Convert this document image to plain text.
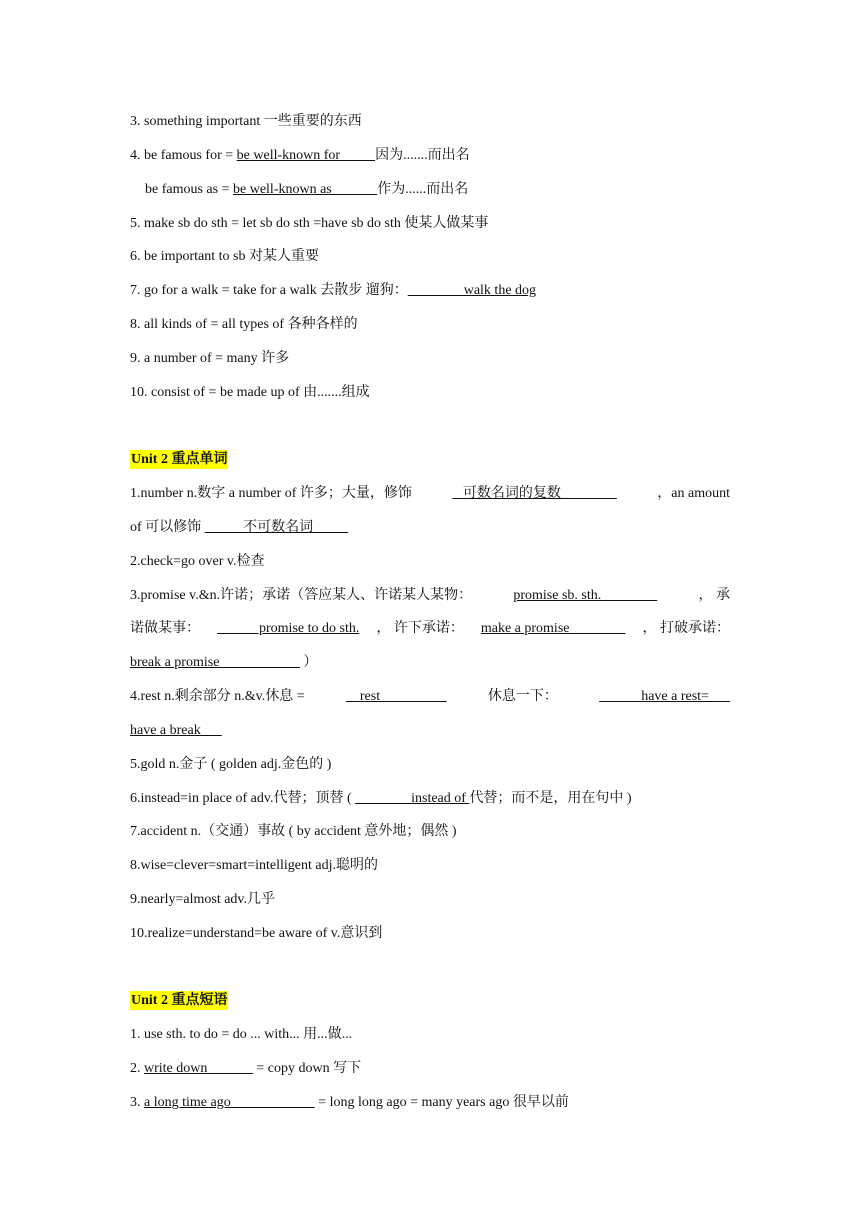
3. something important 一些重要的东西
4. be famous for = be well-known for          因为.......而出名
be famous as = be well-known as             作为......而出名
5. make sb do sth = let sb do sth =have sb do sth 使某人做某事
6. be important to sb 对某人重要
7. go for a walk = take for a walk 去散步 遛狗：                walk the dog
8. all kinds of = all types of 各种各样的
9. a number of = many 许多
10. consist of = be made up of 由.......组成
Unit 2 重点单词
1.number n.数字 a number of 许多；大量，修饰	可数名词的复数	，an amount
of 可以修饰            不可数名词
2.check=go over v.检查
3.promise v.&n.许诺；承诺（答应某人、许诺某人某物：	promise sb. sth.	， 承
诺做某事： promise to do sth. ， 许下承诺： make a promise ， 打破承诺：
break a promise                        ）
4.rest n.剩余部分 n.&v.休息 =	rest	休息一下：	have a rest=
have a break
5.gold n.金子 ( golden adj.金色的 )
6.instead=in place of adv.代替；顶替 (                 instead of 代替；而不是，用在句中 )
7.accident n.（交通）事故 ( by accident 意外地；偶然 )
8.wise=clever=smart=intelligent adj.聪明的
9.nearly=almost adv.几乎
10.realize=understand=be aware of v.意识到
Unit 2 重点短语
1. use sth. to do = do ... with... 用...做...
2. write down              = copy down 写下
3. a long time ago                         = long long ago = many years ago 很早以前
